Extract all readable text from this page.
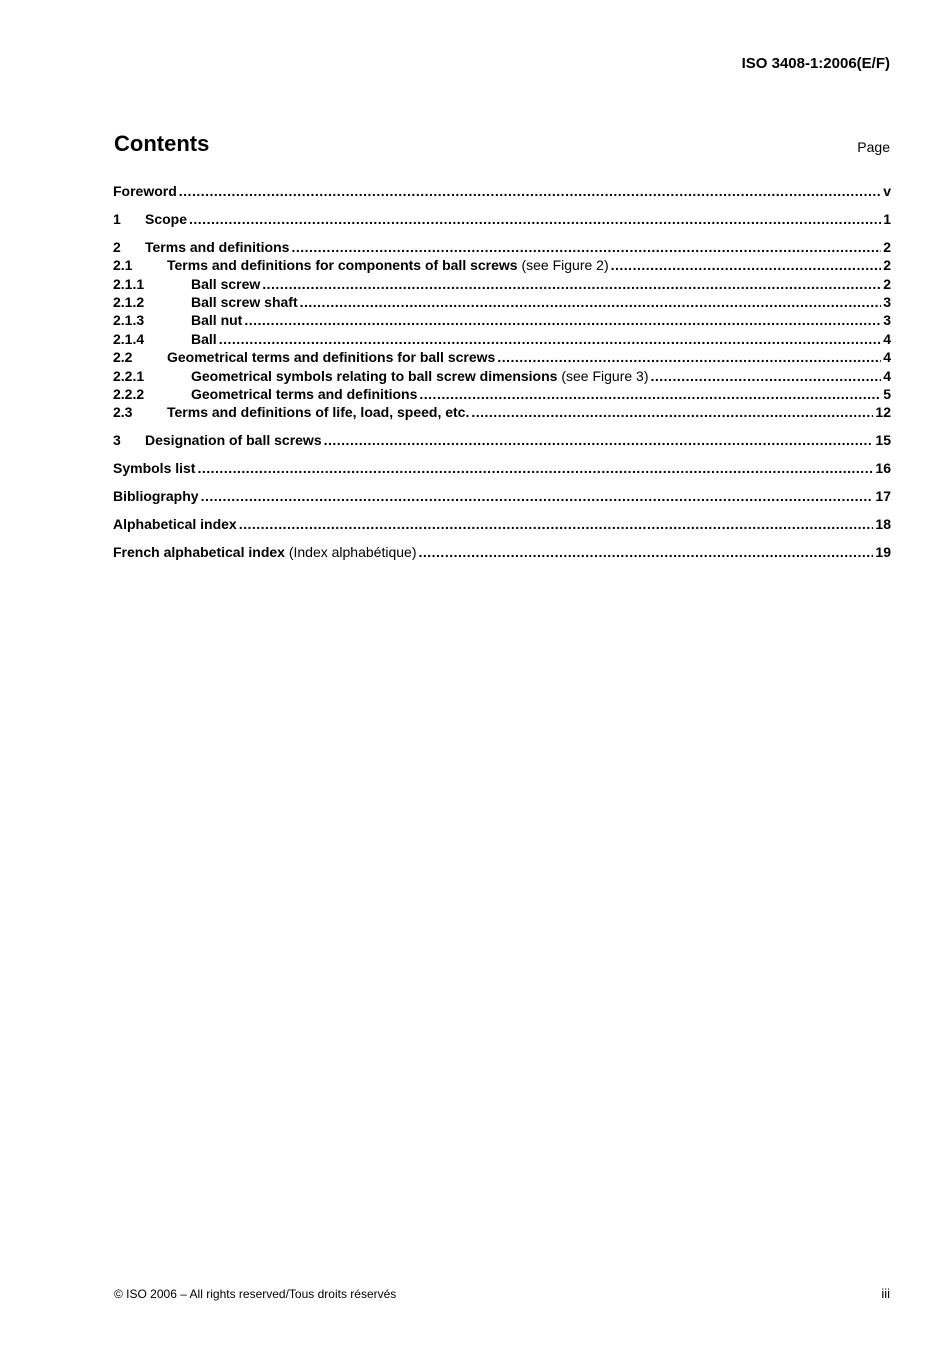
ISO 3408-1:2006(E/F)
Contents	Page
Foreword .....	v
1	Scope .....	1
2	Terms and definitions .....	2
2.1	Terms and definitions for components of ball screws (see Figure 2) .....	2
2.1.1	Ball screw .....	2
2.1.2	Ball screw shaft .....	3
2.1.3	Ball nut .....	3
2.1.4	Ball .....	4
2.2	Geometrical terms and definitions for ball screws .....	4
2.2.1	Geometrical symbols relating to ball screw dimensions (see Figure 3) .....	4
2.2.2	Geometrical terms and definitions .....	5
2.3	Terms and definitions of life, load, speed, etc. .....	12
3	Designation of ball screws .....	15
Symbols list .....	16
Bibliography .....	17
Alphabetical index .....	18
French alphabetical index (Index alphabétique) .....	19
© ISO 2006 – All rights reserved/Tous droits réservés	iii
